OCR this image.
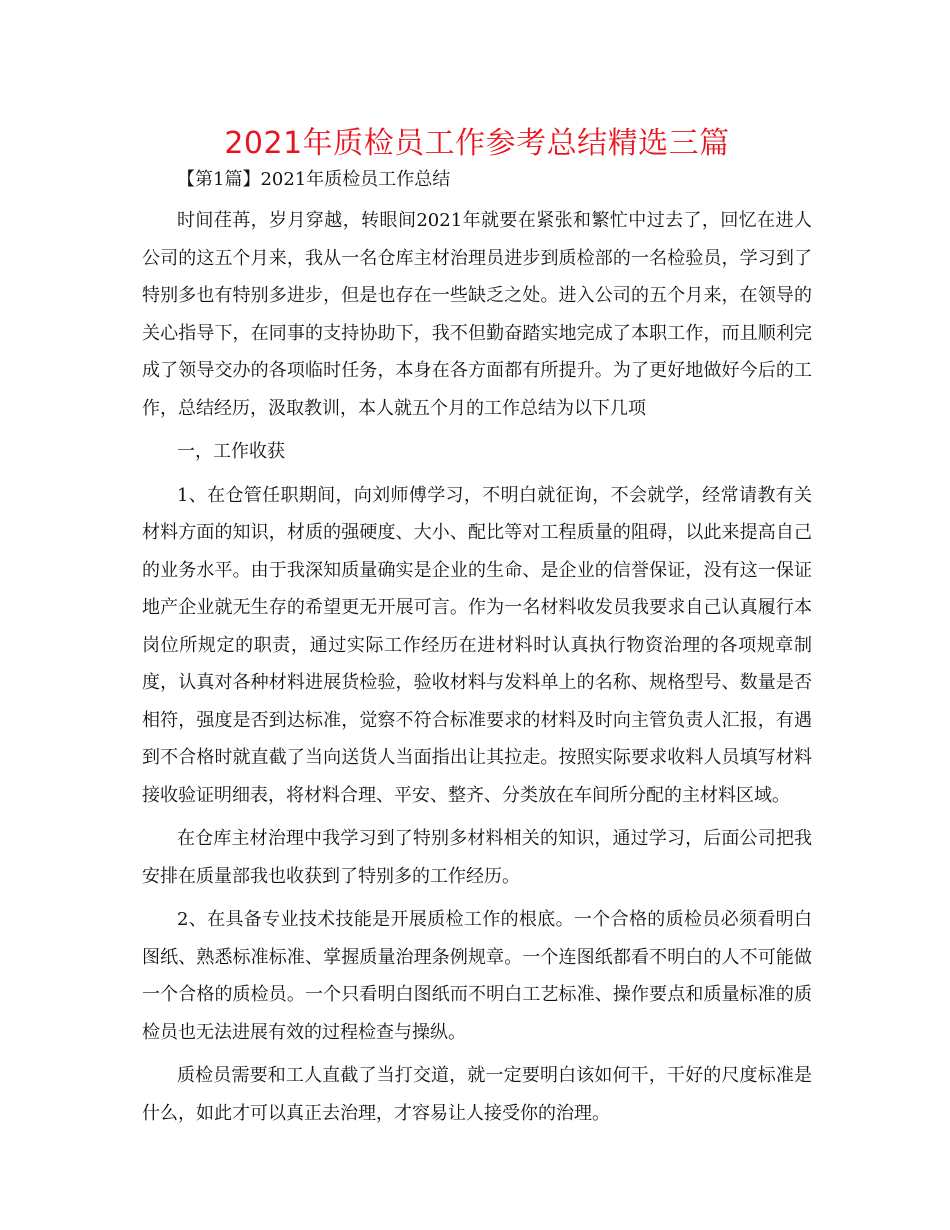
2021年质检员工作参考总结精选三篇

【第1篇】2021年质检员工作总结

时间荏苒，岁月穿越，转眼间2021年就要在紧张和繁忙中过去了，回忆在进人公司的这五个月来，我从一名仓库主材治理员进步到质检部的一名检验员，学习到了特别多也有特别多进步，但是也存在一些缺乏之处。进入公司的五个月来，在领导的关心指导下，在同事的支持协助下，我不但勤奋踏实地完成了本职工作，而且顺利完成了领导交办的各项临时任务，本身在各方面都有所提升。为了更好地做好今后的工作，总结经历，汲取教训，本人就五个月的工作总结为以下几项

一，工作收获

1、在仓管任职期间，向刘师傅学习，不明白就征询，不会就学，经常请教有关材料方面的知识，材质的强硬度、大小、配比等对工程质量的阻碍，以此来提高自己的业务水平。由于我深知质量确实是企业的生命、是企业的信誉保证，没有这一保证地产企业就无生存的希望更无开展可言。作为一名材料收发员我要求自己认真履行本岗位所规定的职责，通过实际工作经历在进材料时认真执行物资治理的各项规章制度，认真对各种材料进展货检验，验收材料与发料单上的名称、规格型号、数量是否相符，强度是否到达标准，觉察不符合标准要求的材料及时向主管负责人汇报，有遇到不合格时就直截了当向送货人当面指出让其拉走。按照实际要求收料人员填写材料接收验证明细表，将材料合理、平安、整齐、分类放在车间所分配的主材料区域。

在仓库主材治理中我学习到了特别多材料相关的知识，通过学习，后面公司把我安排在质量部我也收获到了特别多的工作经历。

2、在具备专业技术技能是开展质检工作的根底。一个合格的质检员必须看明白图纸、熟悉标准标准、掌握质量治理条例规章。一个连图纸都看不明白的人不可能做一个合格的质检员。一个只看明白图纸而不明白工艺标准、操作要点和质量标准的质检员也无法进展有效的过程检查与操纵。

质检员需要和工人直截了当打交道，就一定要明白该如何干，干好的尺度标准是什么，如此才可以真正去治理，才容易让人接受你的治理。
